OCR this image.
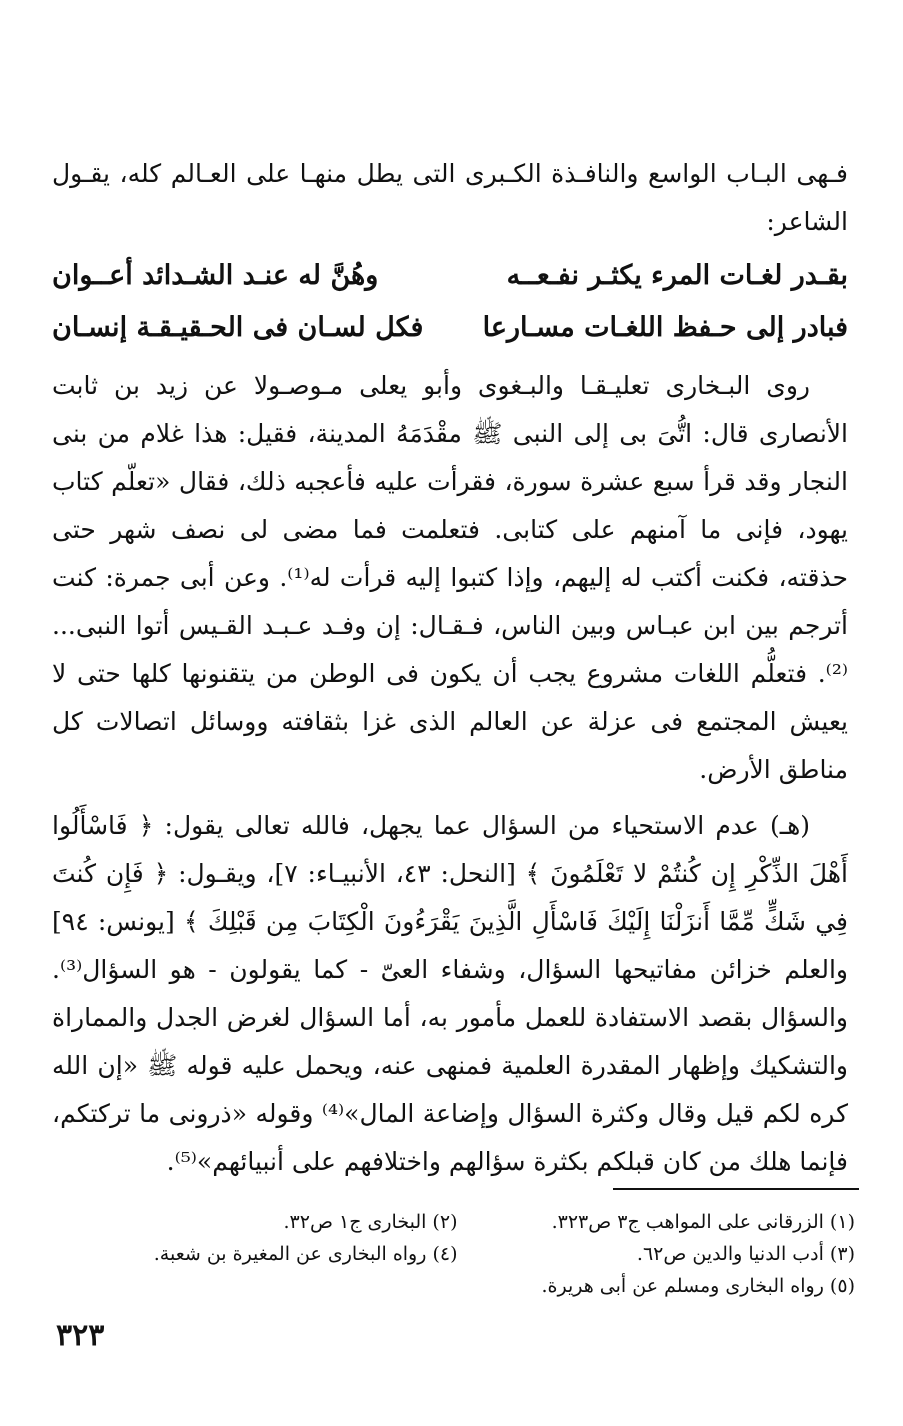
فـهى البـاب الواسع والنافـذة الكـبرى التى يطل منهـا على العـالم كله، يقـول الشاعر:

بقـدر لغـات المرء يكثـر نفـعــه
وهُنَّ له عنـد الشـدائد أعــوان
فبادر إلى حـفظ اللغـات مسـارعا
فكل لسـان فى الحـقيـقـة إنسـان

روى البـخارى تعليـقـا والبـغوى وأبو يعلى مـوصـولا عن زيد بن ثابت الأنصارى قال: اتُّىَ بى إلى النبى ﷺ مقْدَمَهُ المدينة، فقيل: هذا غلام من بنى النجار وقد قرأ سبع عشرة سورة، فقرأت عليه فأعجبه ذلك، فقال «تعلّم كتاب يهود، فإنى ما آمنهم على كتابى. فتعلمت فما مضى لى نصف شهر حتى حذقته، فكنت أكتب له إليهم، وإذا كتبوا إليه قرأت له⁽¹⁾. وعن أبى جمرة: كنت أترجم بين ابن عبـاس وبين الناس، فـقـال: إن وفـد عـبـد القـيس أتوا النبى...⁽²⁾. فتعلُّم اللغات مشروع يجب أن يكون فى الوطن من يتقنونها كلها حتى لا يعيش المجتمع فى عزلة عن العالم الذى غزا بثقافته ووسائل اتصالات كل مناطق الأرض.

(هـ) عدم الاستحياء من السؤال عما يجهل، فالله تعالى يقول: ﴿ فَاسْأَلُوا أَهْلَ الذِّكْرِ إِن كُنتُمْ لا تَعْلَمُونَ ﴾ [النحل: ٤٣، الأنبيـاء: ٧]، ويقـول: ﴿ فَإِن كُنتَ فِي شَكٍّ مِّمَّا أَنزَلْنَا إِلَيْكَ فَاسْأَلِ الَّذِينَ يَقْرَءُونَ الْكِتَابَ مِن قَبْلِكَ ﴾ [يونس: ٩٤] والعلم خزائن مفاتيحها السؤال، وشفاء العىّ - كما يقولون - هو السؤال⁽³⁾. والسؤال بقصد الاستفادة للعمل مأمور به، أما السؤال لغرض الجدل والمماراة والتشكيك وإظهار المقدرة العلمية فمنهى عنه، ويحمل عليه قوله ﷺ «إن الله كره لكم قيل وقال وكثرة السؤال وإضاعة المال»⁽⁴⁾ وقوله «ذرونى ما تركتكم، فإنما هلك من كان قبلكم بكثرة سؤالهم واختلافهم على أنبيائهم»⁽⁵⁾.

(١) الزرقانى على المواهب ج٣ ص٣٢٣.
(٢) البخارى ج١ ص٣٢.
(٣) أدب الدنيا والدين ص٦٢.
(٤) رواه البخارى عن المغيرة بن شعبة.
(٥) رواه البخارى ومسلم عن أبى هريرة.
٣٢٣
